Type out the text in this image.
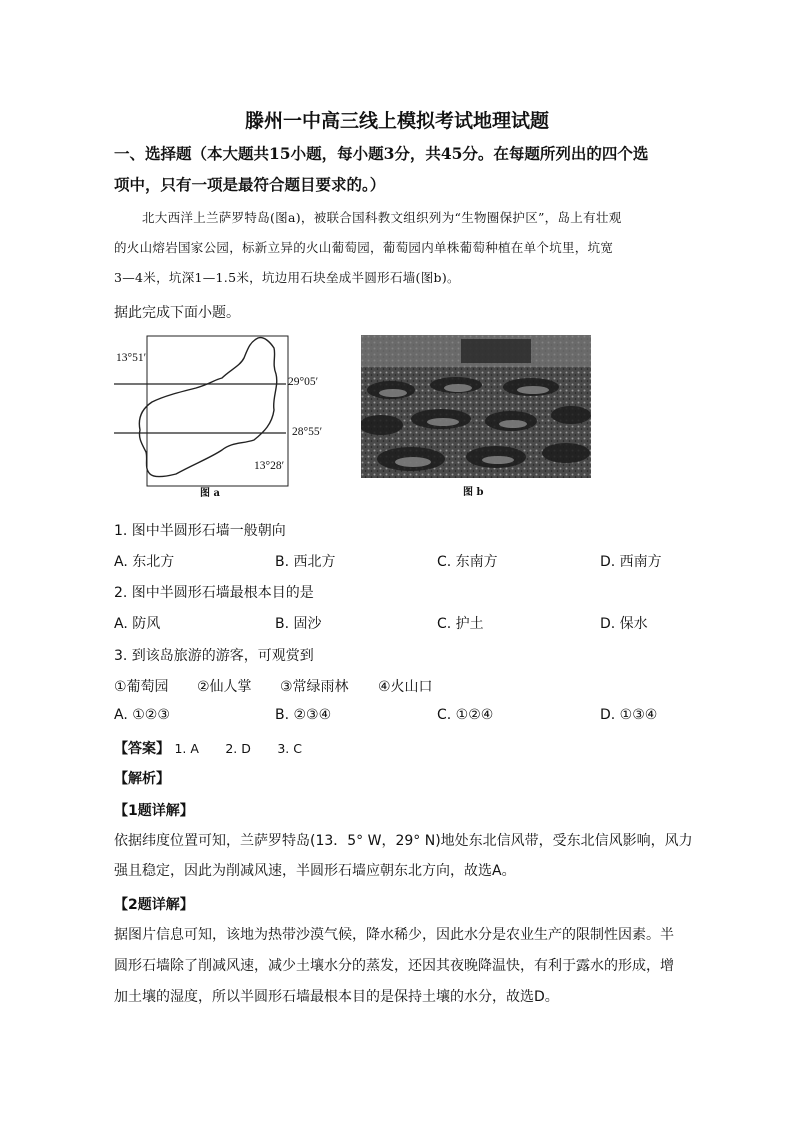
滕州一中高三线上模拟考试地理试题
一、选择题（本大题共15小题，每小题3分，共45分。在每题所列出的四个选
项中，只有一项是最符合题目要求的。）
北大西洋上兰萨罗特岛(图a)，被联合国科教文组织列为“生物圈保护区”，岛上有壮观
的火山熔岩国家公园，标新立异的火山葡萄园，葡萄园内单株葡萄种植在单个坑里，坑宽
3—4米，坑深1—1.5米，坑边用石块垒成半圆形石墙(图b)。
据此完成下面小题。
13°51′
29°05′
28°55′
13°28′
图 a	图 b
1. 图中半圆形石墙一般朝向
A. 东北方	B. 西北方	C. 东南方	D. 西南方
2. 图中半圆形石墙最根本目的是
A. 防风	B. 固沙	C. 护土	D. 保水
3. 到该岛旅游的游客，可观赏到
①葡萄园 ②仙人掌 ③常绿雨林 ④火山口
A. ①②③	B. ②③④	C. ①②④	D. ①③④
【答案】 1. A 2. D 3. C
【解析】
【1题详解】
依据纬度位置可知，兰萨罗特岛(13．5° W，29° N)地处东北信风带，受东北信风影响，风力
强且稳定，因此为削减风速，半圆形石墙应朝东北方向，故选A。
【2题详解】
据图片信息可知，该地为热带沙漠气候，降水稀少，因此水分是农业生产的限制性因素。半
圆形石墙除了削减风速，减少土壤水分的蒸发，还因其夜晚降温快，有利于露水的形成，增
加土壤的湿度，所以半圆形石墙最根本目的是保持土壤的水分，故选D。
